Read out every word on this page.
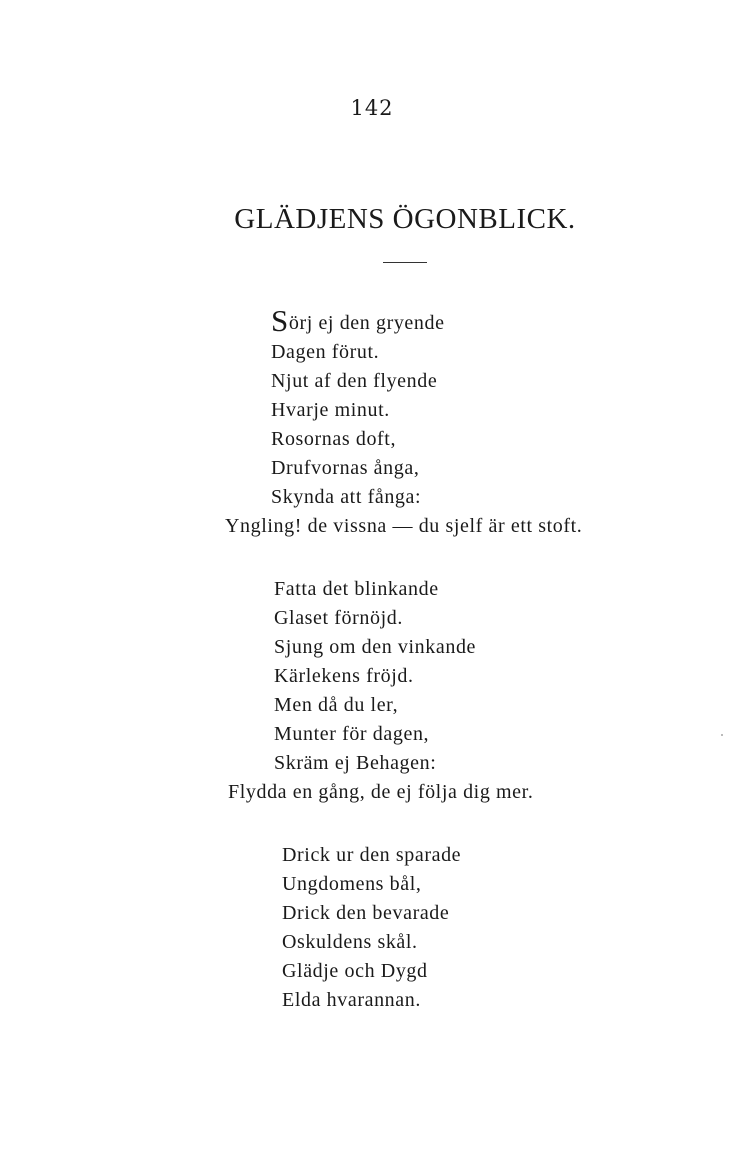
142
GLÄDJENS ÖGONBLICK.
Sörj ej den gryende
Dagen förut.
Njut af den flyende
Hvarje minut.
Rosornas doft,
Drufvornas ånga,
Skynda att fånga:
Yngling! de vissna — du sjelf är ett stoft.
Fatta det blinkande
Glaset förnöjd.
Sjung om den vinkande
Kärlekens fröjd.
Men då du ler,
Munter för dagen,
Skräm ej Behagen:
Flydda en gång, de ej följa dig mer.
Drick ur den sparade
Ungdomens bål,
Drick den bevarade
Oskuldens skål.
Glädje och Dygd
Elda hvarannan.
